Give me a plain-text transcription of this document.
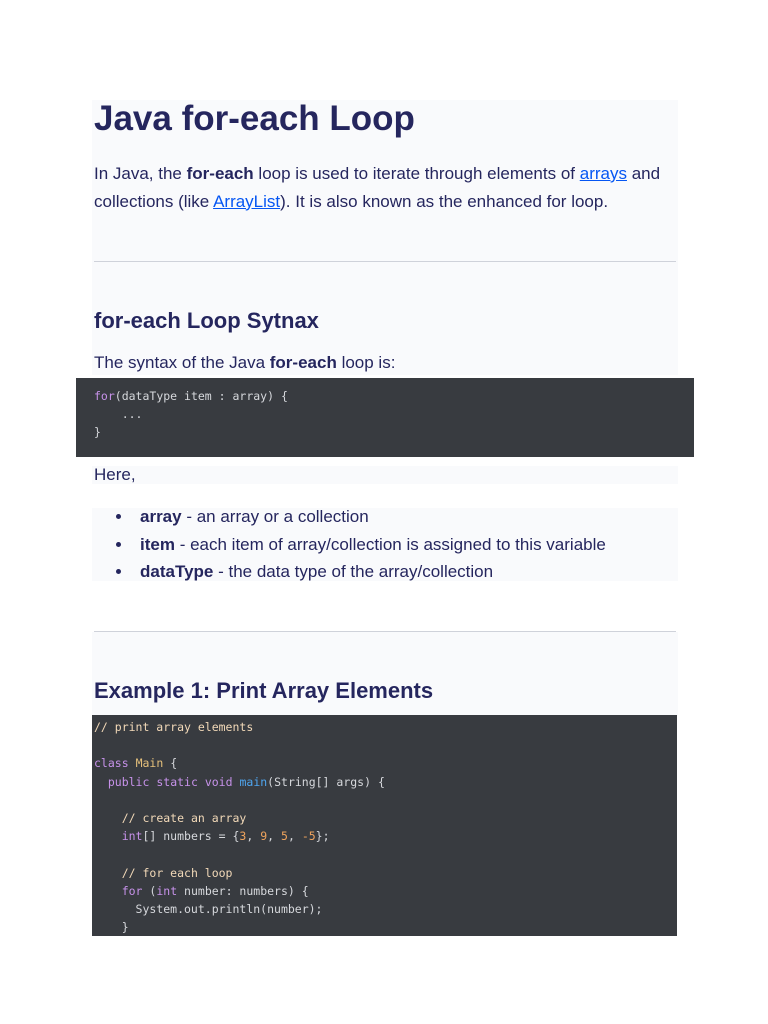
Java for-each Loop

In Java, the for-each loop is used to iterate through elements of arrays and collections (like ArrayList). It is also known as the enhanced for loop.

for-each Loop Sytnax

The syntax of the Java for-each loop is:

for(dataType item : array) {
...
}

Here,

array - an array or a collection
item - each item of array/collection is assigned to this variable
dataType - the data type of the array/collection
Example 1: Print Array Elements
// print array elements

class Main {
public static void main(String[] args) {

// create an array
int[] numbers = {3, 9, 5, -5};

// for each loop
for (int number: numbers) {
System.out.println(number);
}
